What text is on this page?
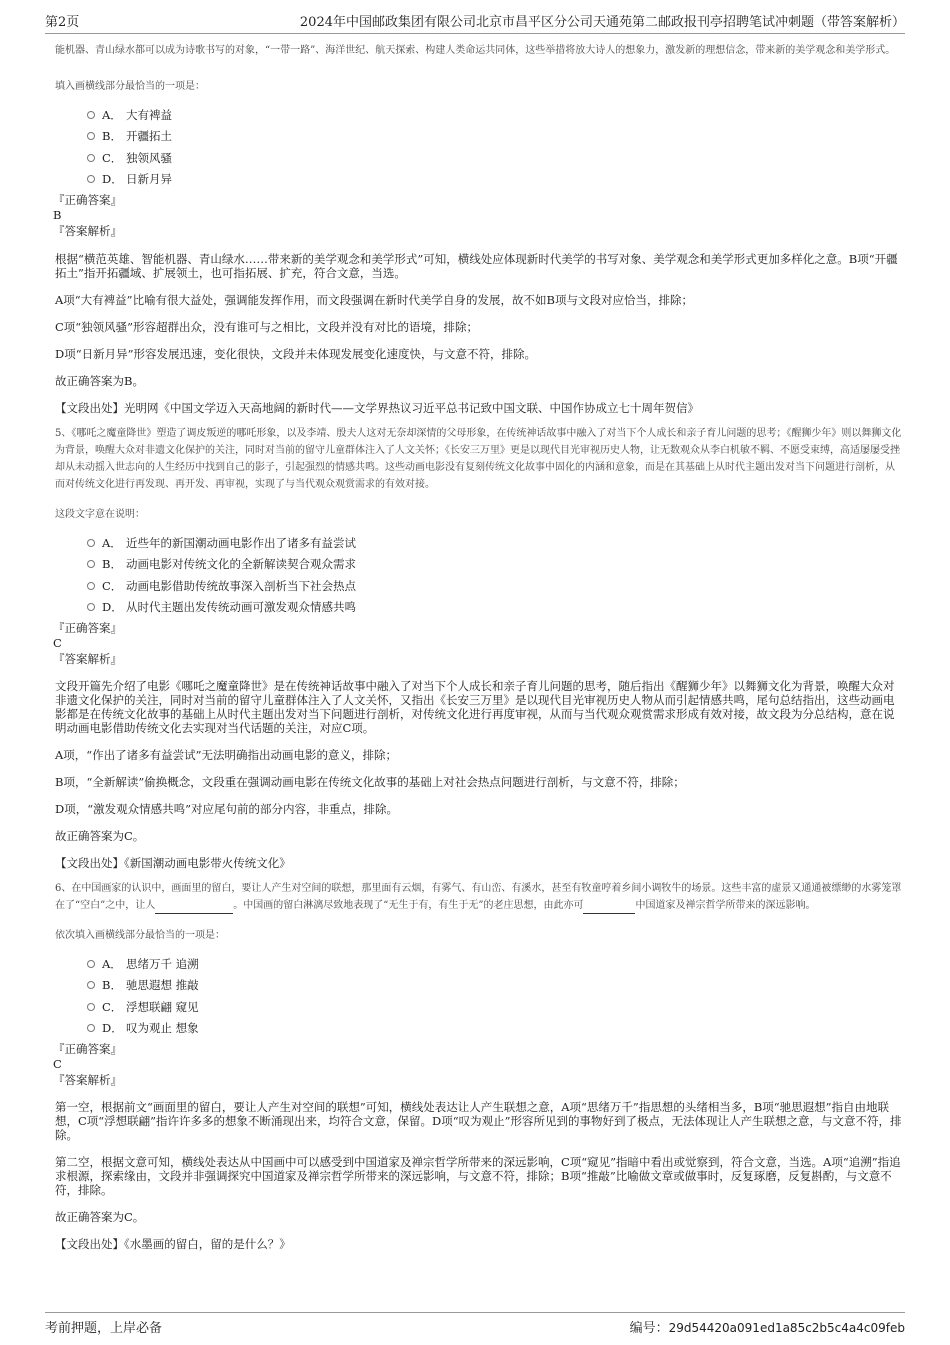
第2页	2024年中国邮政集团有限公司北京市昌平区分公司天通苑第二邮政报刊亭招聘笔试冲刺题（带答案解析）
能机器、青山绿水都可以成为诗歌书写的对象，“一带一路”、海洋世纪、航天探索、构建人类命运共同体，这些举措将放大诗人的想象力，激发新的理想信念，带来新的美学观念和美学形式。
填入画横线部分最恰当的一项是：
A． 大有裨益
B． 开疆拓土
C． 独领风骚
D． 日新月异
『正确答案』
B
『答案解析』
根据“横范英雄、智能机器、青山绿水……带来新的美学观念和美学形式”可知，横线处应体现新时代美学的书写对象、美学观念和美学形式更加多样化之意。B项“开疆拓土”指开拓疆域、扩展领土，也可指拓展、扩充，符合文意，当选。
A项“大有裨益”比喻有很大益处，强调能发挥作用，而文段强调在新时代美学自身的发展，故不如B项与文段对应恰当，排除；
C项“独领风骚”形容超群出众，没有谁可与之相比，文段并没有对比的语境，排除；
D项“日新月异”形容发展迅速，变化很快，文段并未体现发展变化速度快，与文意不符，排除。
故正确答案为B。
【文段出处】光明网《中国文学迈入天高地阔的新时代——文学界热议习近平总书记致中国文联、中国作协成立七十周年贺信》
5、《哪吒之魔童降世》塑造了调皮叛逆的哪吒形象，以及李靖、殷夫人这对无奈却深情的父母形象，在传统神话故事中融入了对当下个人成长和亲子育儿问题的思考；《醒狮少年》则以舞狮文化为背景，唤醒大众对非遗文化保护的关注，同时对当前的留守儿童群体注入了人文关怀；《长安三万里》更是以现代目光审视历史人物，让无数观众从李白机敏不羁、不愿受束缚，高适屡屡受挫却从未动摇入世志向的人生经历中找到自己的影子，引起强烈的情感共鸣。这些动画电影没有复刻传统文化故事中固化的内涵和意象，而是在其基础上从时代主题出发对当下问题进行剖析，从而对传统文化进行再发现、再开发、再审视，实现了与当代观众观赏需求的有效对接。
这段文字意在说明：
A． 近些年的新国潮动画电影作出了诸多有益尝试
B． 动画电影对传统文化的全新解读契合观众需求
C． 动画电影借助传统故事深入剖析当下社会热点
D． 从时代主题出发传统动画可激发观众情感共鸣
『正确答案』
C
『答案解析』
文段开篇先介绍了电影《哪吒之魔童降世》是在传统神话故事中融入了对当下个人成长和亲子育儿问题的思考，随后指出《醒狮少年》以舞狮文化为背景，唤醒大众对非遗文化保护的关注，同时对当前的留守儿童群体注入了人文关怀，又指出《长安三万里》是以现代目光审视历史人物从而引起情感共鸣，尾句总结指出，这些动画电影都是在传统文化故事的基础上从时代主题出发对当下问题进行剖析，对传统文化进行再度审视，从而与当代观众观赏需求形成有效对接，故文段为分总结构，意在说明动画电影借助传统文化去实现对当代话题的关注，对应C项。
A项，“作出了诸多有益尝试”无法明确指出动画电影的意义，排除；
B项，“全新解读”偷换概念，文段重在强调动画电影在传统文化故事的基础上对社会热点问题进行剖析，与文意不符，排除；
D项，“激发观众情感共鸣”对应尾句前的部分内容，非重点，排除。
故正确答案为C。
【文段出处】《新国潮动画电影带火传统文化》
6、在中国画家的认识中，画面里的留白，要让人产生对空间的联想，那里面有云烟，有雾气、有山峦、有溪水，甚至有牧童哼着乡间小调牧牛的场景。这些丰富的虚景又通通被缥缈的水雾笼罩在了“空白”之中，让人	。中国画的留白淋漓尽致地表现了“无生于有，有生于无”的老庄思想，由此亦可	中国道家及禅宗哲学所带来的深远影响。
依次填入画横线部分最恰当的一项是：
A． 思绪万千 追溯
B． 驰思遐想 推敲
C． 浮想联翩 窥见
D． 叹为观止 想象
『正确答案』
C
『答案解析』
第一空，根据前文“画面里的留白，要让人产生对空间的联想”可知，横线处表达让人产生联想之意，A项“思绪万千”指思想的头绪相当多，B项“驰思遐想”指自由地联想，C项“浮想联翩”指许许多多的想象不断涌现出来，均符合文意，保留。D项“叹为观止”形容所见到的事物好到了极点，无法体现让人产生联想之意，与文意不符，排除。
第二空，根据文意可知，横线处表达从中国画中可以感受到中国道家及禅宗哲学所带来的深远影响，C项“窥见”指暗中看出或觉察到，符合文意，当选。A项“追溯”指追求根源，探索缘由，文段并非强调探究中国道家及禅宗哲学所带来的深远影响，与文意不符，排除；B项“推敲”比喻做文章或做事时，反复琢磨，反复斟酌，与文意不符，排除。
故正确答案为C。
【文段出处】《水墨画的留白，留的是什么？》
考前押题，上岸必备	编号：29d54420a091ed1a85c2b5c4a4c09feb
